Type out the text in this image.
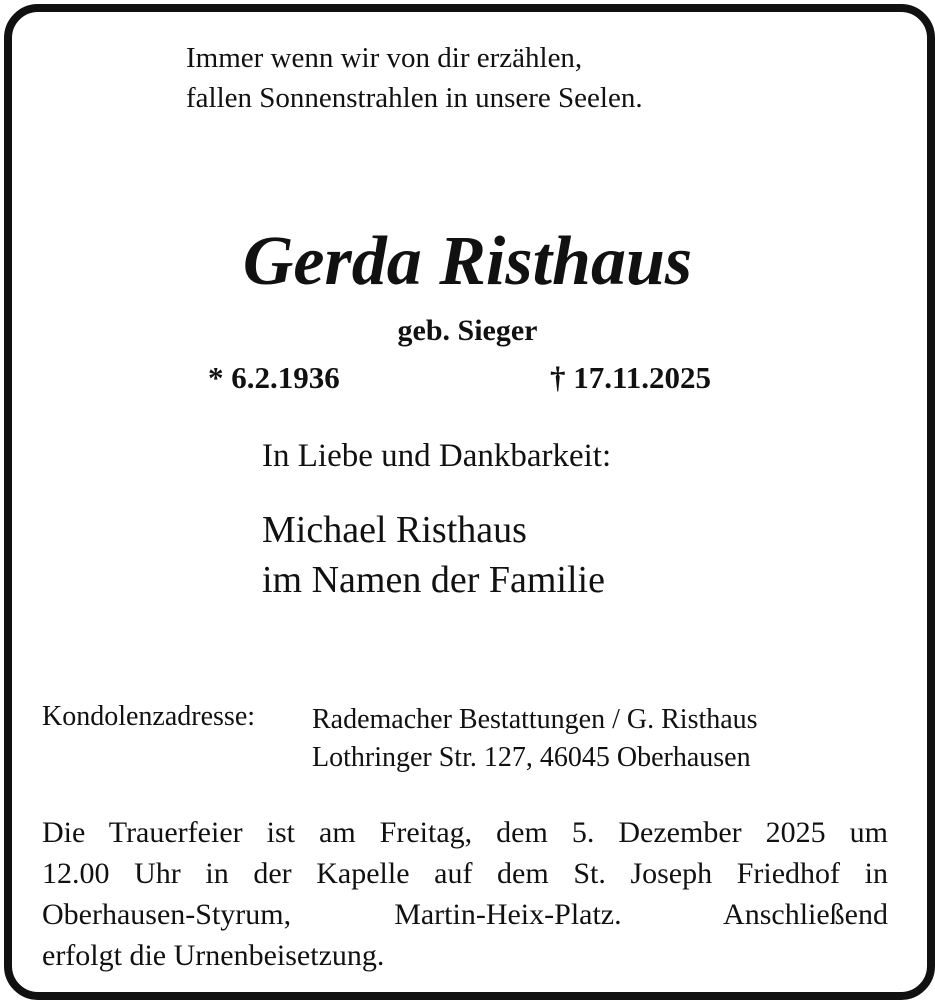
Immer wenn wir von dir erzählen,
fallen Sonnenstrahlen in unsere Seelen.
Gerda Risthaus
geb. Sieger
* 6.2.1936	† 17.11.2025
In Liebe und Dankbarkeit:
Michael Risthaus
im Namen der Familie
Kondolenzadresse: Rademacher Bestattungen / G. Risthaus
Lothringer Str. 127, 46045 Oberhausen
Die Trauerfeier ist am Freitag, dem 5. Dezember 2025 um
12.00 Uhr in der Kapelle auf dem St. Joseph Friedhof in
Oberhausen-Styrum, Martin-Heix-Platz. Anschließend
erfolgt die Urnenbeisetzung.
